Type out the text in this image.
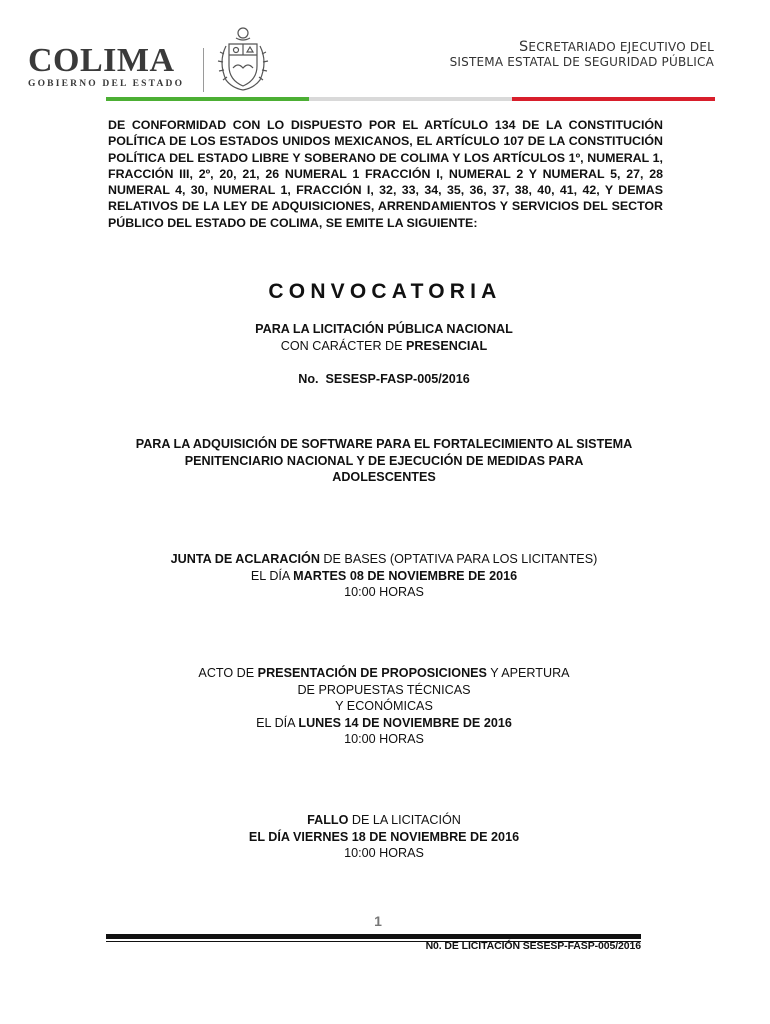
COLIMA
GOBIERNO DEL ESTADO
SECRETARIADO EJECUTIVO DEL
SISTEMA ESTATAL DE SEGURIDAD PÚBLICA

DE CONFORMIDAD CON LO DISPUESTO POR EL ARTÍCULO 134 DE LA CONSTITUCIÓN POLÍTICA DE LOS ESTADOS UNIDOS MEXICANOS, EL ARTÍCULO 107 DE LA CONSTITUCIÓN POLÍTICA DEL ESTADO LIBRE Y SOBERANO DE COLIMA Y LOS ARTÍCULOS 1º, NUMERAL 1, FRACCIÓN III, 2º, 20, 21, 26 NUMERAL 1 FRACCIÓN I, NUMERAL 2 Y NUMERAL 5, 27, 28 NUMERAL 4, 30, NUMERAL 1, FRACCIÓN I, 32, 33, 34, 35, 36, 37, 38, 40, 41, 42, Y DEMAS RELATIVOS DE LA LEY DE ADQUISICIONES, ARRENDAMIENTOS Y SERVICIOS DEL SECTOR PÚBLICO DEL ESTADO DE COLIMA, SE EMITE LA SIGUIENTE:

CONVOCATORIA
PARA LA LICITACIÓN PÚBLICA NACIONAL
CON CARÁCTER DE PRESENCIAL
No.  SESESP-FASP-005/2016
PARA LA ADQUISICIÓN DE SOFTWARE PARA EL FORTALECIMIENTO AL SISTEMA
PENITENCIARIO NACIONAL Y DE EJECUCIÓN DE MEDIDAS PARA
ADOLESCENTES
JUNTA DE ACLARACIÓN DE BASES (OPTATIVA PARA LOS LICITANTES)
EL DÍA MARTES 08 DE NOVIEMBRE DE 2016
10:00 HORAS
ACTO DE PRESENTACIÓN DE PROPOSICIONES Y APERTURA
DE PROPUESTAS TÉCNICAS
Y ECONÓMICAS
EL DÍA LUNES 14 DE NOVIEMBRE DE 2016
10:00 HORAS
FALLO DE LA LICITACIÓN
EL DÍA VIERNES 18 DE NOVIEMBRE DE 2016
10:00 HORAS
1
N0. DE LICITACIÓN SESESP-FASP-005/2016
